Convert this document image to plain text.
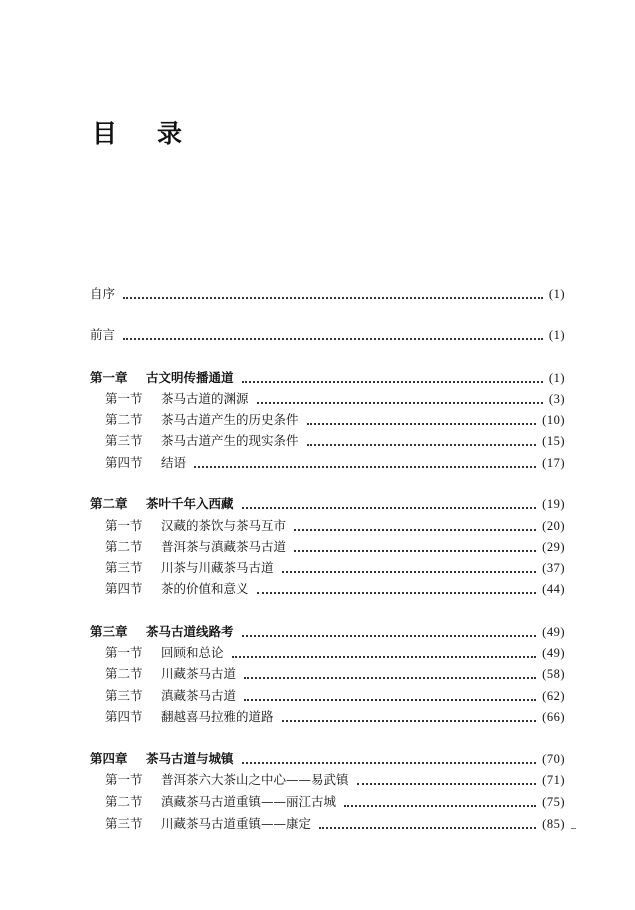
目 录
自序	(1)
前言	(1)
第一章 古文明传播通道	(1)
第一节 茶马古道的渊源	(3)
第二节 茶马古道产生的历史条件	(10)
第三节 茶马古道产生的现实条件	(15)
第四节 结语	(17)
第二章 茶叶千年入西藏	(19)
第一节 汉藏的茶饮与茶马互市	(20)
第二节 普洱茶与滇藏茶马古道	(29)
第三节 川茶与川藏茶马古道	(37)
第四节 茶的价值和意义	(44)
第三章 茶马古道线路考	(49)
第一节 回顾和总论	(49)
第二节 川藏茶马古道	(58)
第三节 滇藏茶马古道	(62)
第四节 翻越喜马拉雅的道路	(66)
第四章 茶马古道与城镇	(70)
第一节 普洱茶六大茶山之中心——易武镇	(71)
第二节 滇藏茶马古道重镇——丽江古城	(75)
第三节 川藏茶马古道重镇——康定	(85)
